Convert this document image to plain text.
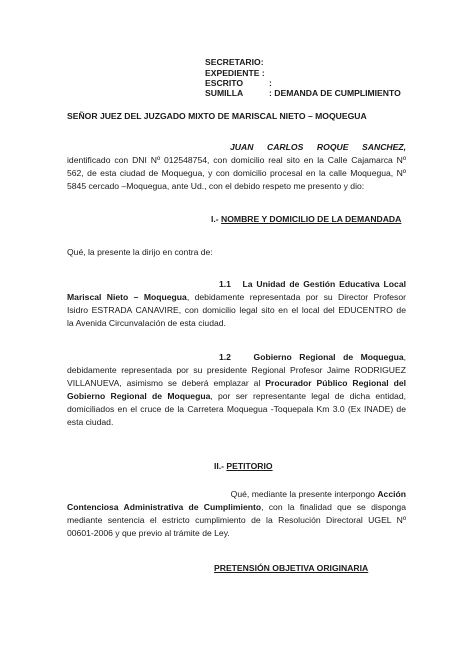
SECRETARIO:
EXPEDIENTE :
ESCRITO	:
SUMILLA	: DEMANDA DE CUMPLIMIENTO
SEÑOR JUEZ DEL JUZGADO MIXTO DE MARISCAL NIETO – MOQUEGUA
JUAN CARLOS ROQUE SANCHEZ,
identificado con DNI Nº 012548754, con domicilio real sito en la Calle Cajamarca Nº
562, de esta ciudad de Moquegua, y con domicilio procesal en la calle Moquegua, Nº
5845 cercado –Moquegua, ante Ud., con el debido respeto me presento y dio:
I.- NOMBRE Y DOMICILIO DE LA DEMANDADA
Qué, la presente la dirijo en contra de:
1.1 La Unidad de Gestión Educativa Local
Mariscal Nieto – Moquegua, debidamente representada por su Director Profesor
Isidro ESTRADA CANAVIRE, con domicilio legal sito en el local del EDUCENTRO de
la Avenida Circunvalación de esta ciudad.
1.2	Gobierno Regional de Moquegua,
debidamente representada por su presidente Regional Profesor Jaime RODRIGUEZ
VILLANUEVA, asimismo se deberá emplazar al Procurador Público Regional del
Gobierno Regional de Moquegua, por ser representante legal de dicha entidad,
domiciliados en el cruce de la Carretera Moquegua -Toquepala Km 3.0 (Ex INADE) de
esta ciudad.
II.- PETITORIO
Qué, mediante la presente interpongo Acción
Contenciosa Administrativa de Cumplimiento, con la finalidad que se disponga
mediante sentencia el estricto cumplimiento de la Resolución Directoral UGEL Nº
00601-2006 y que previo al trámite de Ley.
PRETENSIÓN OBJETIVA ORIGINARIA
